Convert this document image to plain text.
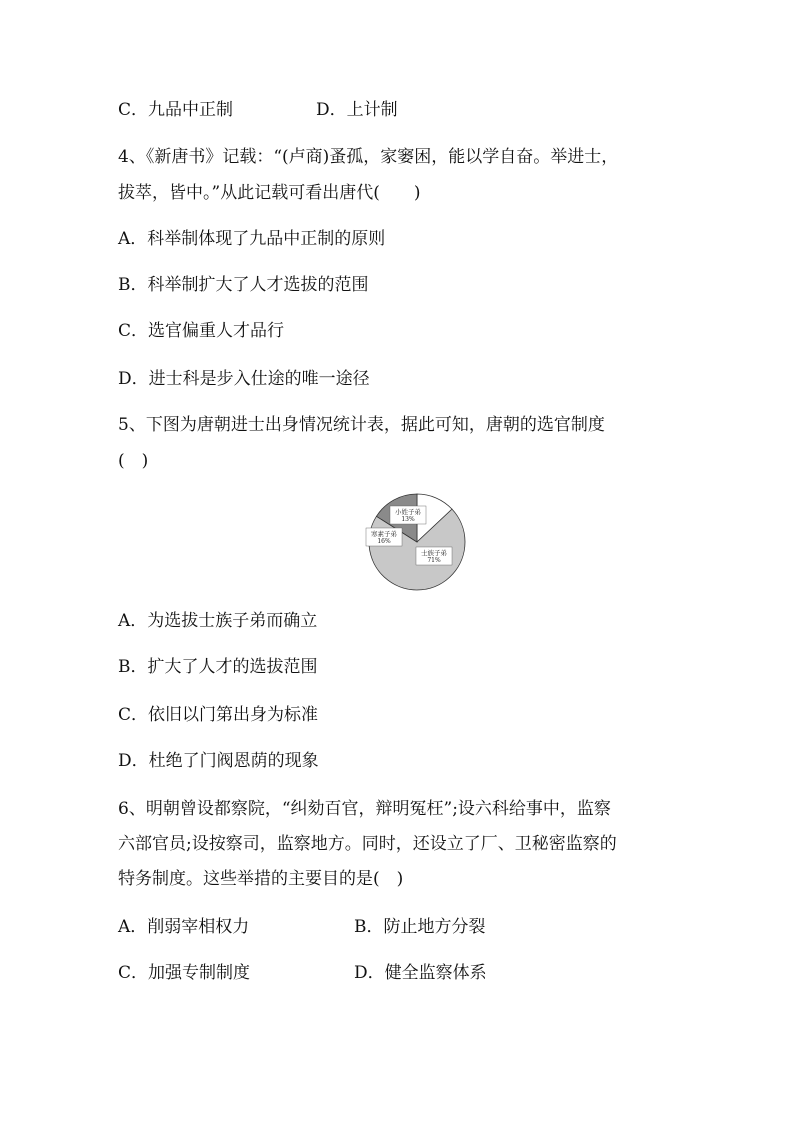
C．九品中正制	D．上计制
4、《新唐书》记载：“(卢商)蚤孤，家窭困，能以学自奋。举进士，
拔萃，皆中。”从此记载可看出唐代(　　)
A．科举制体现了九品中正制的原则
B．科举制扩大了人才选拔的范围
C．选官偏重人才品行
D．进士科是步入仕途的唯一途径
5、下图为唐朝进士出身情况统计表，据此可知，唐朝的选官制度
(　)
小姓子弟
13%
士族子弟
71%
寒素子弟
16%
A．为选拔士族子弟而确立
B．扩大了人才的选拔范围
C．依旧以门第出身为标准
D．杜绝了门阀恩荫的现象
6、明朝曾设都察院，“纠劾百官，辩明冤枉”;设六科给事中，监察
六部官员;设按察司，监察地方。同时，还设立了厂、卫秘密监察的
特务制度。这些举措的主要目的是(　)
A．削弱宰相权力	B．防止地方分裂
C．加强专制制度	D．健全监察体系
